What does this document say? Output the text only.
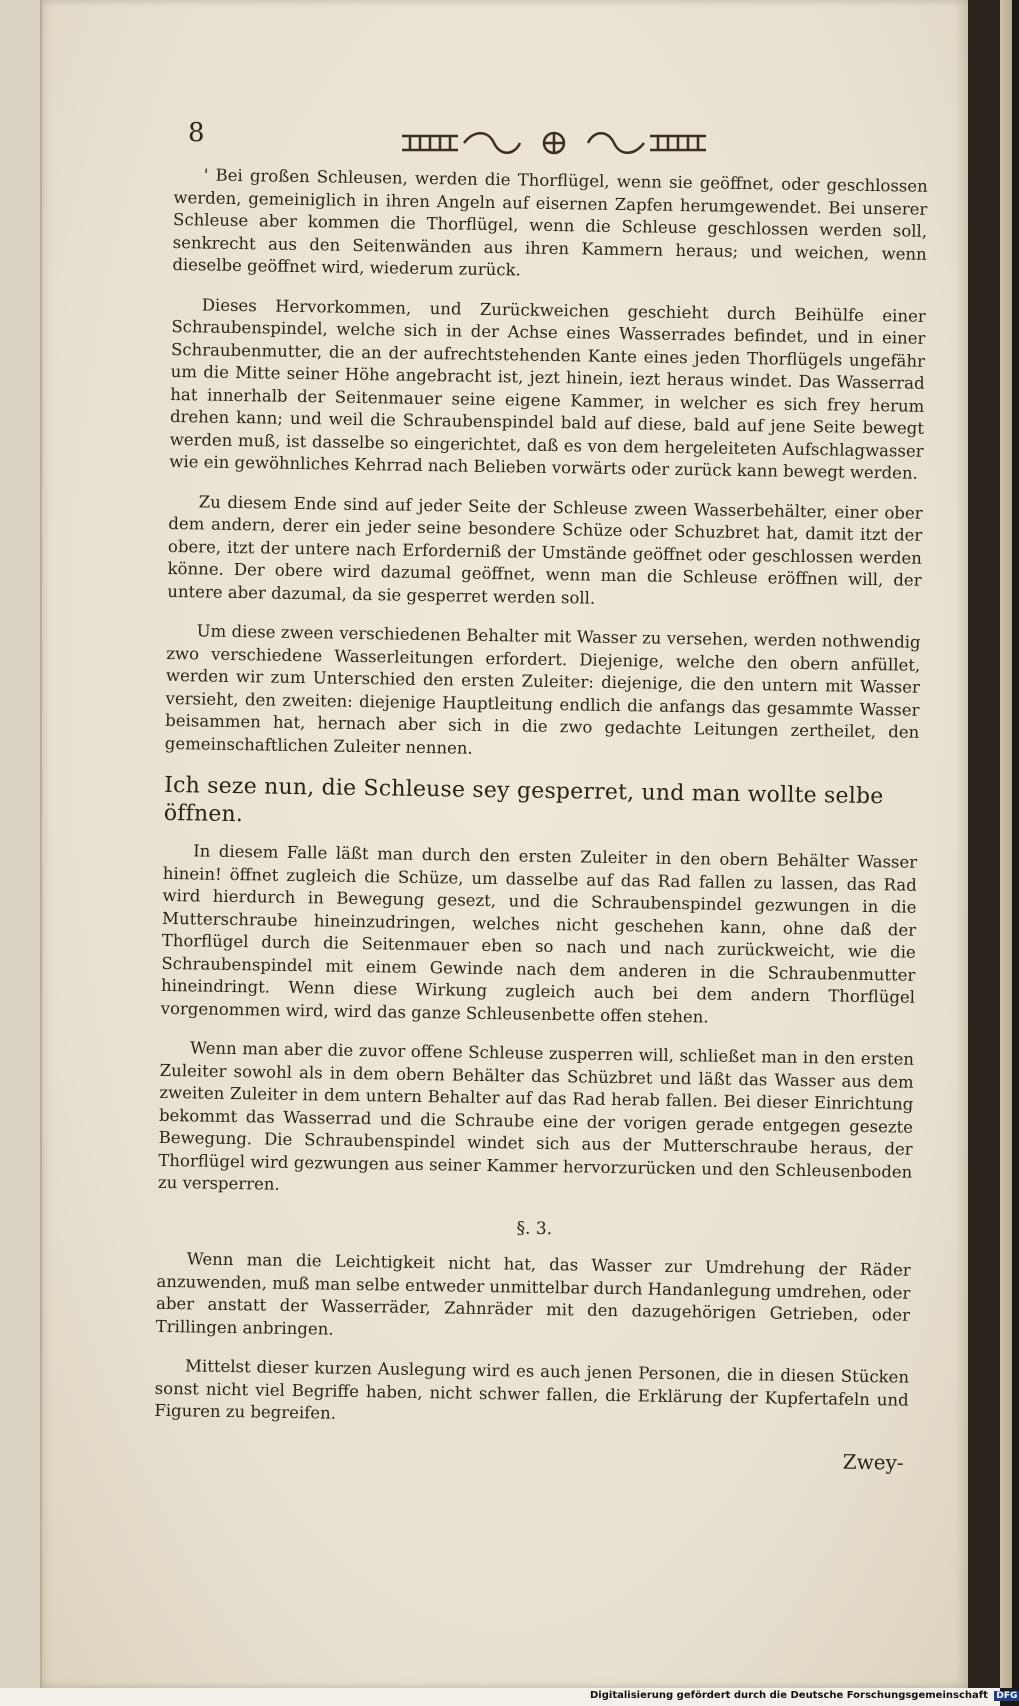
8

' Bei großen Schleusen, werden die Thorflügel, wenn sie geöffnet, oder geschlossen werden, gemeiniglich in ihren Angeln auf eisernen Zapfen herumgewendet. Bei unserer Schleuse aber kommen die Thorflügel, wenn die Schleuse geschlossen werden soll, senkrecht aus den Seitenwänden aus ihren Kammern heraus; und weichen, wenn dieselbe geöffnet wird, wiederum zurück.

Dieses Hervorkommen, und Zurückweichen geschieht durch Beihülfe einer Schraubenspindel, welche sich in der Achse eines Wasserrades befindet, und in einer Schraubenmutter, die an der aufrechtstehenden Kante eines jeden Thorflügels ungefähr um die Mitte seiner Höhe angebracht ist, jezt hinein, iezt heraus windet. Das Wasserrad hat innerhalb der Seitenmauer seine eigene Kammer, in welcher es sich frey herum drehen kann; und weil die Schraubenspindel bald auf diese, bald auf jene Seite bewegt werden muß, ist dasselbe so eingerichtet, daß es von dem hergeleiteten Aufschlagwasser wie ein gewöhnliches Kehrrad nach Belieben vorwärts oder zurück kann bewegt werden.

Zu diesem Ende sind auf jeder Seite der Schleuse zween Wasserbehälter, einer ober dem andern, derer ein jeder seine besondere Schüze oder Schuzbret hat, damit itzt der obere, itzt der untere nach Erforderniß der Umstände geöffnet oder geschlossen werden könne. Der obere wird dazumal geöffnet, wenn man die Schleuse eröffnen will, der untere aber dazumal, da sie gesperret werden soll.

Um diese zween verschiedenen Behalter mit Wasser zu versehen, werden nothwendig zwo verschiedene Wasserleitungen erfordert. Diejenige, welche den obern anfüllet, werden wir zum Unterschied den ersten Zuleiter: diejenige, die den untern mit Wasser versieht, den zweiten: diejenige Hauptleitung endlich die anfangs das gesammte Wasser beisammen hat, hernach aber sich in die zwo gedachte Leitungen zertheilet, den gemeinschaftlichen Zuleiter nennen.

Ich seze nun, die Schleuse sey gesperret, und man wollte selbe öffnen.

In diesem Falle läßt man durch den ersten Zuleiter in den obern Behälter Wasser hinein! öffnet zugleich die Schüze, um dasselbe auf das Rad fallen zu lassen, das Rad wird hierdurch in Bewegung gesezt, und die Schraubenspindel gezwungen in die Mutterschraube hineinzudringen, welches nicht geschehen kann, ohne daß der Thorflügel durch die Seitenmauer eben so nach und nach zurückweicht, wie die Schraubenspindel mit einem Gewinde nach dem anderen in die Schraubenmutter hineindringt. Wenn diese Wirkung zugleich auch bei dem andern Thorflügel vorgenommen wird, wird das ganze Schleusenbette offen stehen.

Wenn man aber die zuvor offene Schleuse zusperren will, schließet man in den ersten Zuleiter sowohl als in dem obern Behälter das Schüzbret und läßt das Wasser aus dem zweiten Zuleiter in dem untern Behalter auf das Rad herab fallen. Bei dieser Einrichtung bekommt das Wasserrad und die Schraube eine der vorigen gerade entgegen gesezte Bewegung. Die Schraubenspindel windet sich aus der Mutterschraube heraus, der Thorflügel wird gezwungen aus seiner Kammer hervorzurücken und den Schleusenboden zu versperren.

§. 3.

Wenn man die Leichtigkeit nicht hat, das Wasser zur Umdrehung der Räder anzuwenden, muß man selbe entweder unmittelbar durch Handanlegung umdrehen, oder aber anstatt der Wasserräder, Zahnräder mit den dazugehörigen Getrieben, oder Trillingen anbringen.

Mittelst dieser kurzen Auslegung wird es auch jenen Personen, die in diesen Stücken sonst nicht viel Begriffe haben, nicht schwer fallen, die Erklärung der Kupfertafeln und Figuren zu begreifen.

Zwey-
Digitalisierung gefördert durch die Deutsche Forschungsgemeinschaft DFG
